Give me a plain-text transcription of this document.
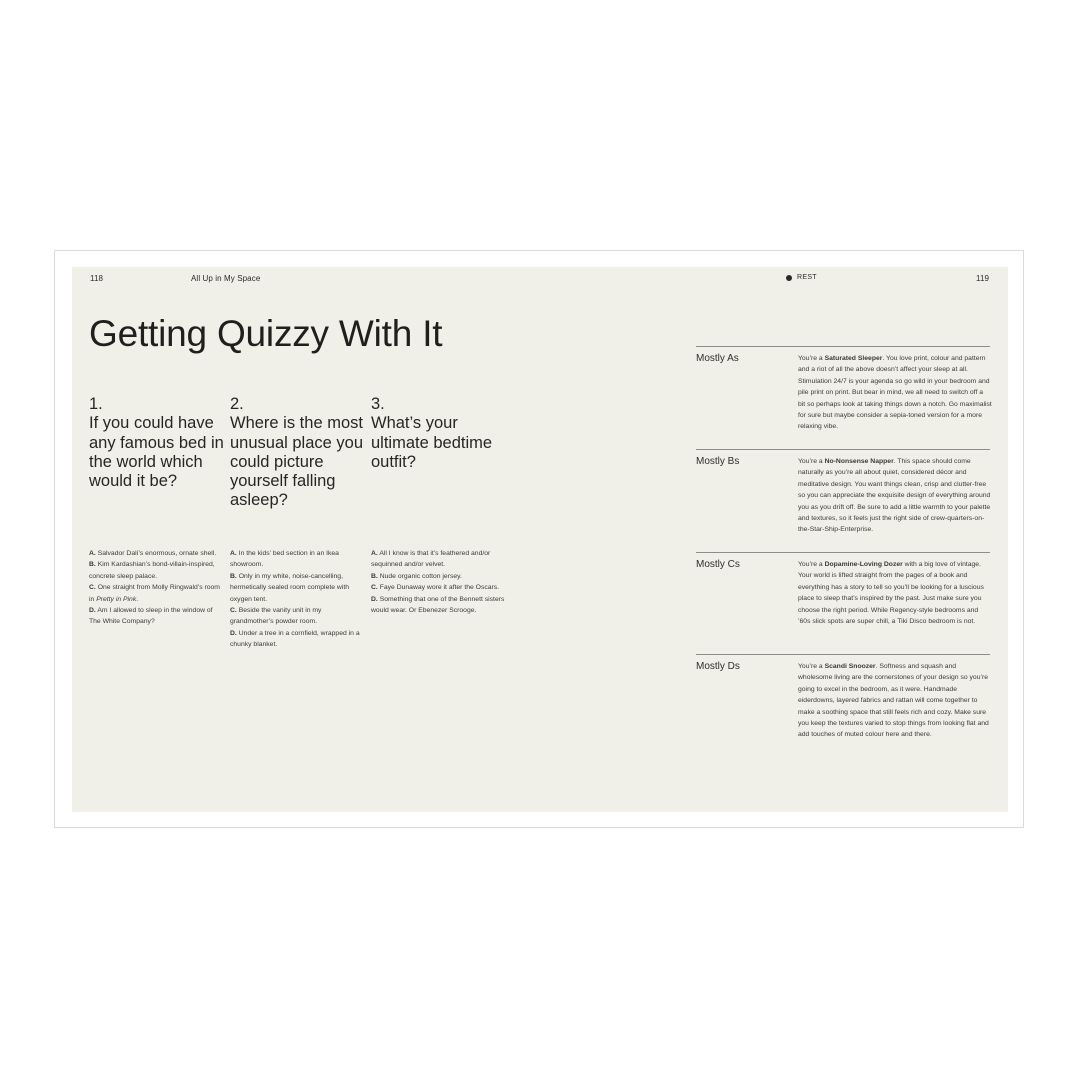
118	All Up in My Space	REST	119
Getting Quizzy With It
1.
If you could have any famous bed in the world which would it be?
2.
Where is the most unusual place you could picture yourself falling asleep?
3.
What’s your ultimate bedtime outfit?
A. Salvador Dalí’s enormous, ornate shell.
B. Kim Kardashian’s bond-villain-inspired, concrete sleep palace.
C. One straight from Molly Ringwald’s room in Pretty in Pink.
D. Am I allowed to sleep in the window of The White Company?
A. In the kids’ bed section in an Ikea showroom.
B. Only in my white, noise-cancelling, hermetically sealed room complete with oxygen tent.
C. Beside the vanity unit in my grandmother’s powder room.
D. Under a tree in a cornfield, wrapped in a chunky blanket.
A. All I know is that it’s feathered and/or sequinned and/or velvet.
B. Nude organic cotton jersey.
C. Faye Dunaway wore it after the Oscars.
D. Something that one of the Bennett sisters would wear. Or Ebenezer Scrooge.
Mostly As	You’re a Saturated Sleeper. You love print, colour and pattern and a riot of all the above doesn’t affect your sleep at all. Stimulation 24/7 is your agenda so go wild in your bedroom and pile print on print. But bear in mind, we all need to switch off a bit so perhaps look at taking things down a notch. Go maximalist for sure but maybe consider a sepia-toned version for a more relaxing vibe.
Mostly Bs	You’re a No-Nonsense Napper. This space should come naturally as you’re all about quiet, considered décor and meditative design. You want things clean, crisp and clutter-free so you can appreciate the exquisite design of everything around you as you drift off. Be sure to add a little warmth to your palette and textures, so it feels just the right side of crew-quarters-on-the-Star-Ship-Enterprise.
Mostly Cs	You’re a Dopamine-Loving Dozer with a big love of vintage. Your world is lifted straight from the pages of a book and everything has a story to tell so you’ll be looking for a luscious place to sleep that’s inspired by the past. Just make sure you choose the right period. While Regency-style bedrooms and ’60s slick spots are super chill, a Tiki Disco bedroom is not.
Mostly Ds	You’re a Scandi Snoozer. Softness and squash and wholesome living are the cornerstones of your design so you’re going to excel in the bedroom, as it were. Handmade eiderdowns, layered fabrics and rattan will come together to make a soothing space that still feels rich and cozy. Make sure you keep the textures varied to stop things from looking flat and add touches of muted colour here and there.
